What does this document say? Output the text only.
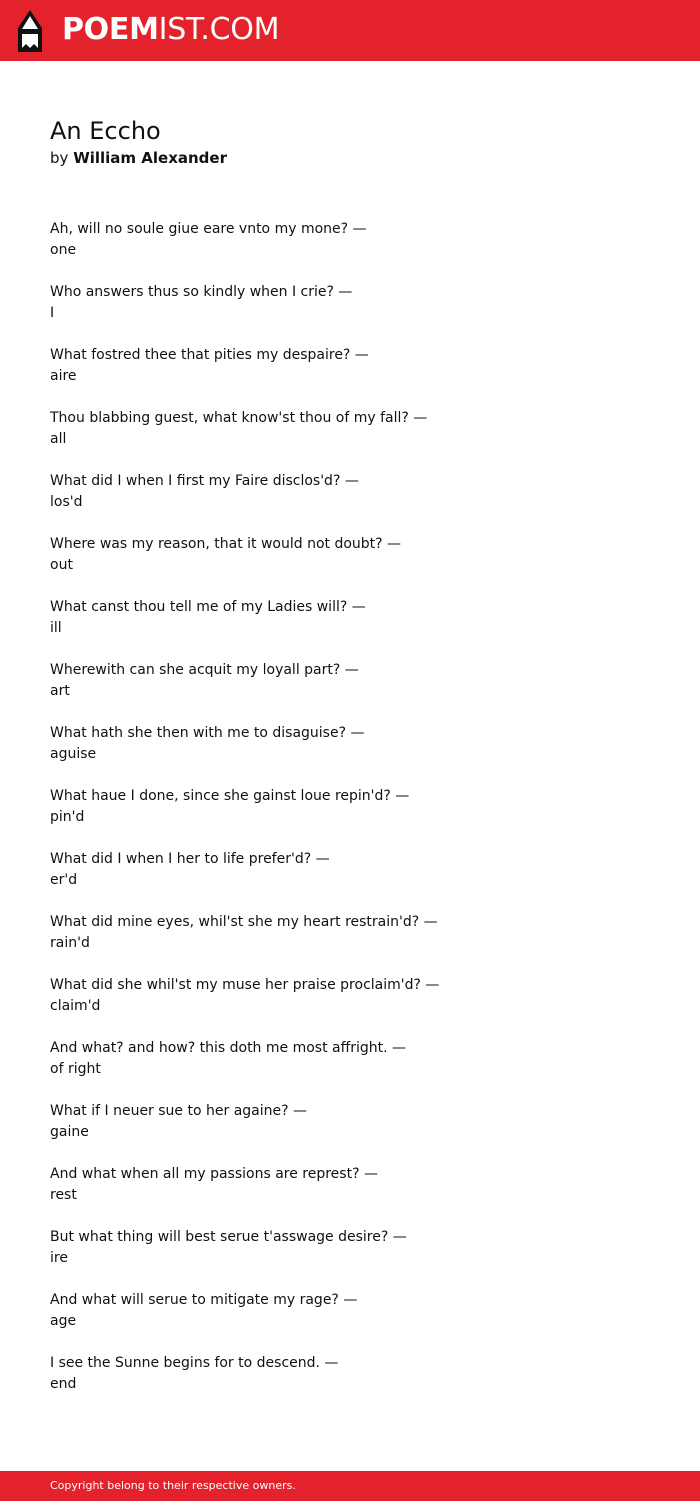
POEMIST.COM
An Eccho
by William Alexander
Ah, will no soule giue eare vnto my mone? —
one
Who answers thus so kindly when I crie? —
I
What fostred thee that pities my despaire? —
aire
Thou blabbing guest, what know'st thou of my fall? —
all
What did I when I first my Faire disclos'd? —
los'd
Where was my reason, that it would not doubt? —
out
What canst thou tell me of my Ladies will? —
ill
Wherewith can she acquit my loyall part? —
art
What hath she then with me to disaguise? —
aguise
What haue I done, since she gainst loue repin'd? —
pin'd
What did I when I her to life prefer'd? —
er'd
What did mine eyes, whil'st she my heart restrain'd? —
rain'd
What did she whil'st my muse her praise proclaim'd? —
claim'd
And what? and how? this doth me most affright. —
of right
What if I neuer sue to her againe? —
gaine
And what when all my passions are represt? —
rest
But what thing will best serue t'asswage desire? —
ire
And what will serue to mitigate my rage? —
age
I see the Sunne begins for to descend. —
end
Copyright belong to their respective owners.
